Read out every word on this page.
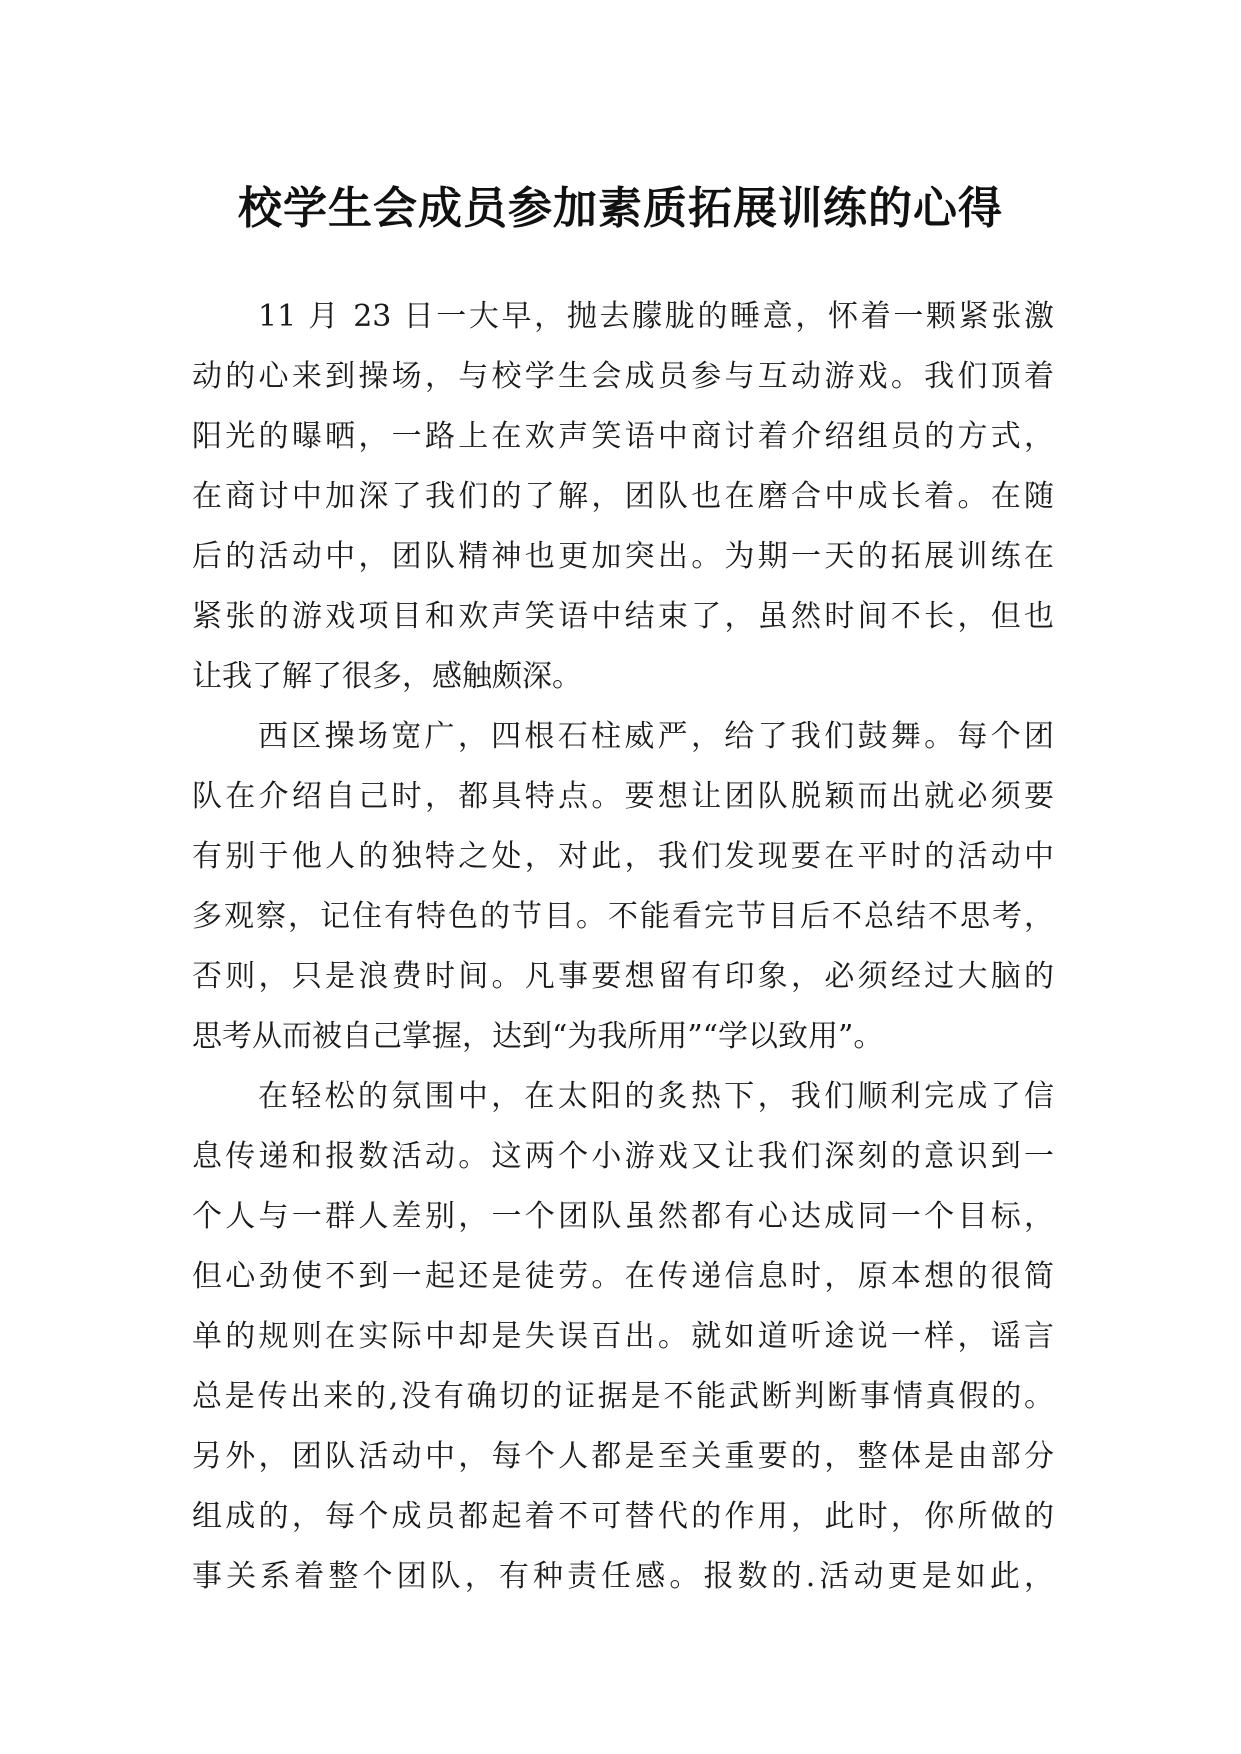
校学生会成员参加素质拓展训练的心得
11 月 23 日一大早，抛去朦胧的睡意，怀着一颗紧张激
动的心来到操场，与校学生会成员参与互动游戏。我们顶着
阳光的曝晒，一路上在欢声笑语中商讨着介绍组员的方式，
在商讨中加深了我们的了解，团队也在磨合中成长着。在随
后的活动中，团队精神也更加突出。为期一天的拓展训练在
紧张的游戏项目和欢声笑语中结束了，虽然时间不长，但也
让我了解了很多，感触颇深。
西区操场宽广，四根石柱威严，给了我们鼓舞。每个团
队在介绍自己时，都具特点。要想让团队脱颖而出就必须要
有别于他人的独特之处，对此，我们发现要在平时的活动中
多观察，记住有特色的节目。不能看完节目后不总结不思考，
否则，只是浪费时间。凡事要想留有印象，必须经过大脑的
思考从而被自己掌握，达到“为我所用”“学以致用”。
在轻松的氛围中，在太阳的炙热下，我们顺利完成了信
息传递和报数活动。这两个小游戏又让我们深刻的意识到一
个人与一群人差别，一个团队虽然都有心达成同一个目标，
但心劲使不到一起还是徒劳。在传递信息时，原本想的很简
单的规则在实际中却是失误百出。就如道听途说一样，谣言
总是传出来的,没有确切的证据是不能武断判断事情真假的。
另外，团队活动中，每个人都是至关重要的，整体是由部分
组成的，每个成员都起着不可替代的作用，此时，你所做的
事关系着整个团队，有种责任感。报数的.活动更是如此，
